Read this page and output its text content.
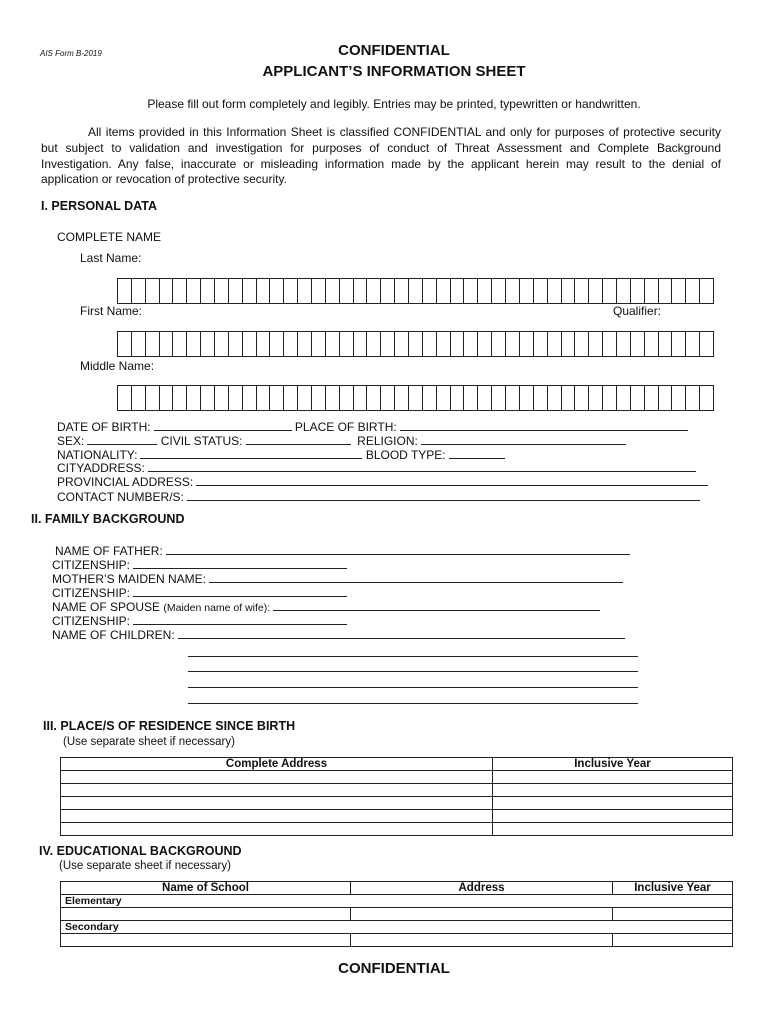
AIS Form B-2019	CONFIDENTIAL
APPLICANT’S INFORMATION SHEET
Please fill out form completely and legibly. Entries may be printed, typewritten or handwritten.
All items provided in this Information Sheet is classified CONFIDENTIAL and only for purposes of protective security but subject to validation and investigation for purposes of conduct of Threat Assessment and Complete Background Investigation. Any false, inaccurate or misleading information made by the applicant herein may result to the denial of application or revocation of protective security.
I. PERSONAL DATA
COMPLETE NAME
Last Name:
First Name:	Qualifier:
Middle Name:
DATE OF BIRTH:	PLACE OF BIRTH:
SEX:	CIVIL STATUS:	RELIGION:
NATIONALITY:	BLOOD TYPE:
CITYADDRESS:
PROVINCIAL ADDRESS:
CONTACT NUMBER/S:
II. FAMILY BACKGROUND
NAME OF FATHER:
CITIZENSHIP:
MOTHER’S MAIDEN NAME:
CITIZENSHIP:
NAME OF SPOUSE (Maiden name of wife):
CITIZENSHIP:
NAME OF CHILDREN:
III. PLACE/S OF RESIDENCE SINCE BIRTH
(Use separate sheet if necessary)
Complete Address	Inclusive Year

IV. EDUCATIONAL BACKGROUND
(Use separate sheet if necessary)
Name of School	Address	Inclusive Year
Elementary		

Secondary		

CONFIDENTIAL
